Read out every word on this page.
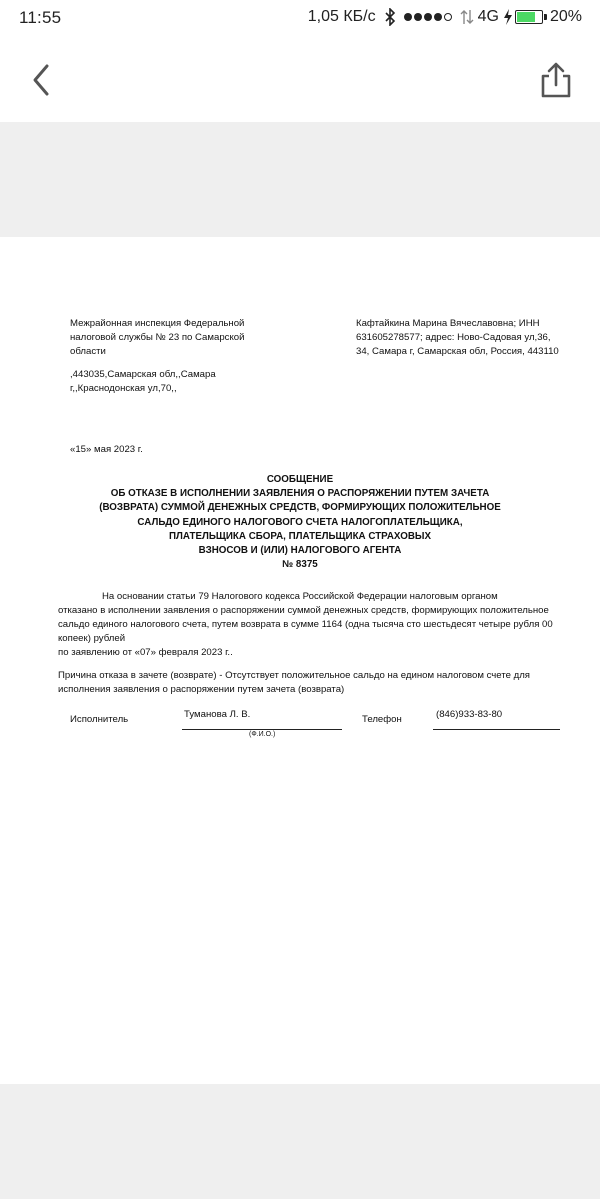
11:55	1,05 КБ/с	4G	20%
Межрайонная инспекция Федеральной
налоговой службы № 23 по Самарской
области
,443035,Самарская обл,,Самара
г,,Краснодонская ул,70,,
Кафтайкина Марина Вячеславовна; ИНН
631605278577; адрес: Ново-Садовая ул,36,
34, Самара г, Самарская обл, Россия, 443110
«15» мая 2023 г.
СООБЩЕНИЕ
ОБ ОТКАЗЕ В ИСПОЛНЕНИИ ЗАЯВЛЕНИЯ О РАСПОРЯЖЕНИИ ПУТЕМ ЗАЧЕТА
(ВОЗВРАТА) СУММОЙ ДЕНЕЖНЫХ СРЕДСТВ, ФОРМИРУЮЩИХ ПОЛОЖИТЕЛЬНОЕ
САЛЬДО ЕДИНОГО НАЛОГОВОГО СЧЕТА НАЛОГОПЛАТЕЛЬЩИКА,
ПЛАТЕЛЬЩИКА СБОРА, ПЛАТЕЛЬЩИКА СТРАХОВЫХ
ВЗНОСОВ И (ИЛИ) НАЛОГОВОГО АГЕНТА
№ 8375
На основании статьи 79 Налогового кодекса Российской Федерации налоговым органом
отказано в исполнении заявления о распоряжении суммой денежных средств, формирующих положительное
сальдо единого налогового счета, путем возврата в сумме 1164 (одна тысяча сто шестьдесят четыре рубля 00
копеек) рублей
по заявлению от «07» февраля 2023 г..
Причина отказа в зачете (возврате) - Отсутствует положительное сальдо на едином налоговом счете для
исполнения заявления о распоряжении путем зачета (возврата)
Исполнитель	Туманова Л. В.
(Ф.И.О.)
Телефон	(846)933-83-80
